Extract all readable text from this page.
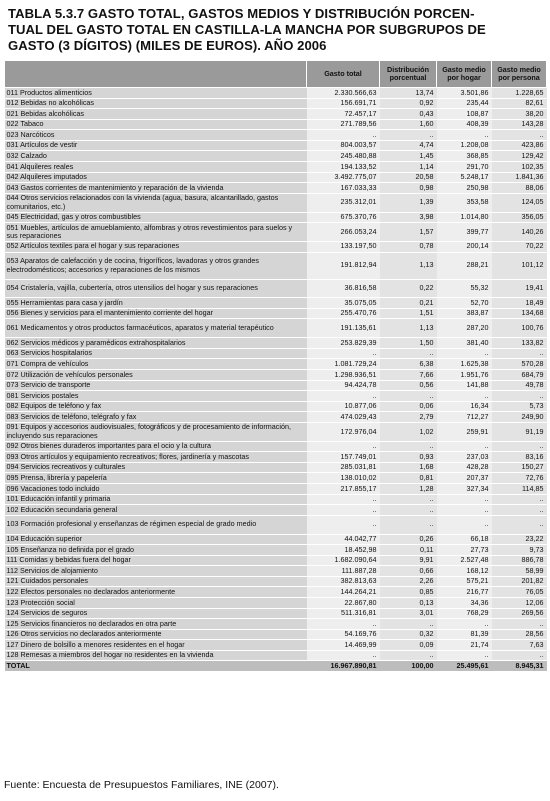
TABLA 5.3.7 GASTO TOTAL, GASTOS MEDIOS Y DISTRIBUCIÓN PORCEN-
TUAL DEL GASTO TOTAL EN CASTILLA-LA MANCHA POR SUBGRUPOS DE
GASTO (3 DÍGITOS) (MILES DE EUROS). AÑO 2006
	Gasto total	Distribución porcentual	Gasto medio por hogar	Gasto medio por persona
011 Productos alimenticios	2.330.566,63	13,74	3.501,86	1.228,65
012 Bebidas no alcohólicas	156.691,71	0,92	235,44	82,61
021 Bebidas alcohólicas	72.457,17	0,43	108,87	38,20
022 Tabaco	271.789,56	1,60	408,39	143,28
023 Narcóticos	..	..	..	..
031 Artículos de vestir	804.003,57	4,74	1.208,08	423,86
032 Calzado	245.480,88	1,45	368,85	129,42
041 Alquileres reales	194.133,52	1,14	291,70	102,35
042 Alquileres imputados	3.492.775,07	20,58	5.248,17	1.841,36
043 Gastos corrientes de mantenimiento y reparación de la vivienda	167.033,33	0,98	250,98	88,06
044 Otros servicios relacionados con la vivienda (agua, basura, alcantarillado, gastos comunitarios, etc.)	235.312,01	1,39	353,58	124,05
045 Electricidad, gas y otros combustibles	675.370,76	3,98	1.014,80	356,05
051 Muebles, artículos de amueblamiento, alfombras y otros revestimientos para suelos y sus reparaciones	266.053,24	1,57	399,77	140,26
052 Artículos textiles para el hogar y sus reparaciones	133.197,50	0,78	200,14	70,22
053 Aparatos de calefacción y de cocina, frigoríficos, lavadoras y otros grandes electrodomésticos; accesorios y reparaciones de los mismos	191.812,94	1,13	288,21	101,12
054 Cristalería, vajilla, cubertería, otros utensilios del hogar y sus reparaciones	36.816,58	0,22	55,32	19,41
055 Herramientas para casa y jardín	35.075,05	0,21	52,70	18,49
056 Bienes y servicios para el mantenimiento corriente del hogar	255.470,76	1,51	383,87	134,68
061 Medicamentos y otros productos farmacéuticos, aparatos y material terapéutico	191.135,61	1,13	287,20	100,76
062 Servicios médicos y paramédicos extrahospitalarios	253.829,39	1,50	381,40	133,82
063 Servicios hospitalarios	..	..	..	..
071 Compra de vehículos	1.081.729,24	6,38	1.625,38	570,28
072 Utilización de vehículos personales	1.298.936,51	7,66	1.951,76	684,79
073 Servicio de transporte	94.424,78	0,56	141,88	49,78
081 Servicios postales	..	..	..	..
082 Equipos de teléfono y fax	10.877,06	0,06	16,34	5,73
083 Servicios de teléfono, telégrafo y fax	474.029,43	2,79	712,27	249,90
091 Equipos y accesorios audiovisuales, fotográficos y de procesamiento de información, incluyendo sus reparaciones	172.976,04	1,02	259,91	91,19
092 Otros bienes duraderos importantes para el ocio y la cultura	..	..	..	..
093 Otros artículos y equipamiento recreativos; flores, jardinería y mascotas	157.749,01	0,93	237,03	83,16
094 Servicios recreativos y culturales	285.031,81	1,68	428,28	150,27
095 Prensa, librería y papelería	138.010,02	0,81	207,37	72,76
096 Vacaciones todo incluido	217.855,17	1,28	327,34	114,85
101 Educación infantil y primaria	..	..	..	..
102 Educación secundaria general	..	..	..	..
103 Formación profesional y enseñanzas de régimen especial de grado medio	..	..	..	..
104 Educación superior	44.042,77	0,26	66,18	23,22
105 Enseñanza no definida por el grado	18.452,98	0,11	27,73	9,73
111 Comidas y bebidas fuera del hogar	1.682.090,64	9,91	2.527,48	886,78
112 Servicios de alojamiento	111.887,28	0,66	168,12	58,99
121 Cuidados personales	382.813,63	2,26	575,21	201,82
122 Efectos personales no declarados anteriormente	144.264,21	0,85	216,77	76,05
123 Protección social	22.867,80	0,13	34,36	12,06
124 Servicios de seguros	511.316,81	3,01	768,29	269,56
125 Servicios financieros no declarados en otra parte	..	..	..	..
126 Otros servicios no declarados anteriormente	54.169,76	0,32	81,39	28,56
127 Dinero de bolsillo a menores residentes en el hogar	14.469,99	0,09	21,74	7,63
128 Remesas a miembros del hogar no residentes en la vivienda	..	..	..	..
TOTAL	16.967.890,81	100,00	25.495,61	8.945,31
Fuente: Encuesta de Presupuestos Familiares, INE (2007).
